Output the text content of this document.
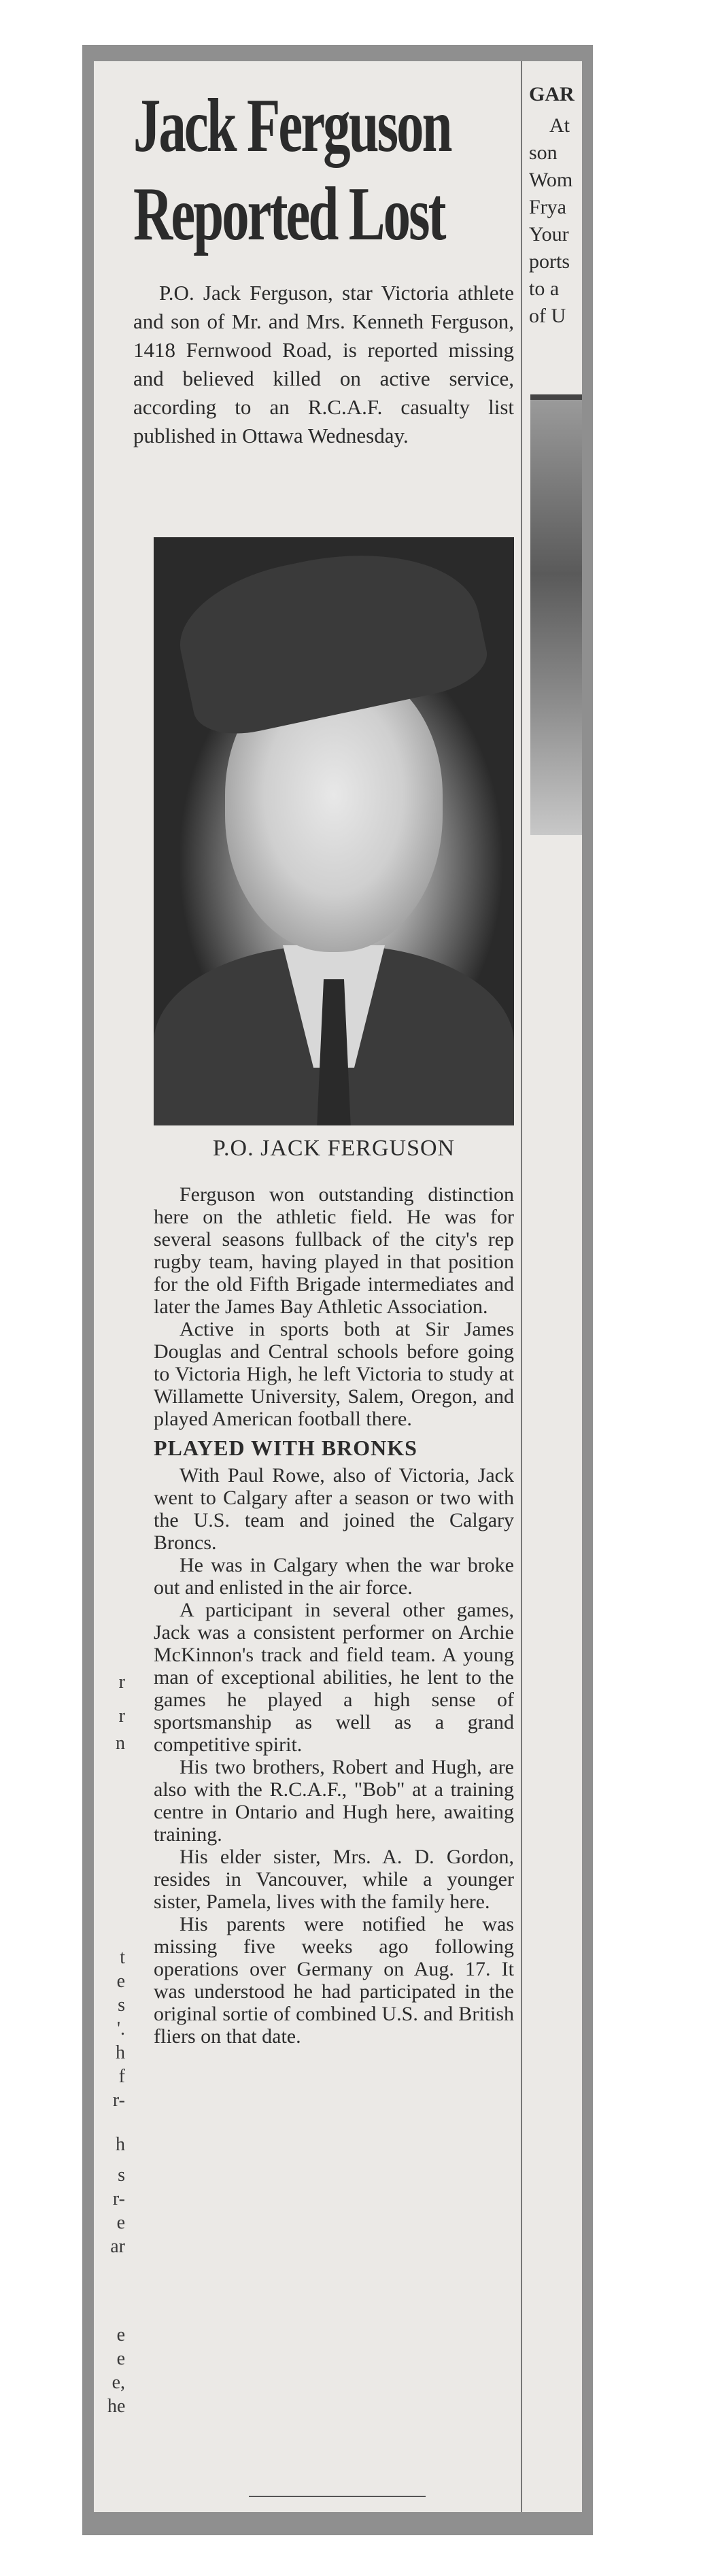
r
r
n
t
e
s
'.
h
f
r-
h
s
r-
e
ar
e
e
e,
he
Jack Ferguson
Reported Lost
P.O. Jack Ferguson, star Victoria athlete and son of Mr. and Mrs. Kenneth Ferguson, 1418 Fernwood Road, is reported missing and believed killed on active service, according to an R.C.A.F. casualty list published in Ottawa Wednesday.
P.O. JACK FERGUSON

Ferguson won outstanding distinction here on the athletic field. He was for several seasons fullback of the city's rep rugby team, having played in that position for the old Fifth Brigade intermediates and later the James Bay Athletic Association.

Active in sports both at Sir James Douglas and Central schools before going to Victoria High, he left Victoria to study at Willamette University, Salem, Oregon, and played American football there.

PLAYED WITH BRONKS

With Paul Rowe, also of Victoria, Jack went to Calgary after a season or two with the U.S. team and joined the Calgary Broncs.

He was in Calgary when the war broke out and enlisted in the air force.

A participant in several other games, Jack was a consistent performer on Archie McKinnon's track and field team. A young man of exceptional abilities, he lent to the games he played a high sense of sportsmanship as well as a grand competitive spirit.

His two brothers, Robert and Hugh, are also with the R.C.A.F., "Bob" at a training centre in Ontario and Hugh here, awaiting training.

His elder sister, Mrs. A. D. Gordon, resides in Vancouver, while a younger sister, Pamela, lives with the family here.

His parents were notified he was missing five weeks ago following operations over Germany on Aug. 17. It was understood he had participated in the original sortie of combined U.S. and British fliers on that date.

GAR
At
son
Wom
Frya
Your
ports
to a
of U
